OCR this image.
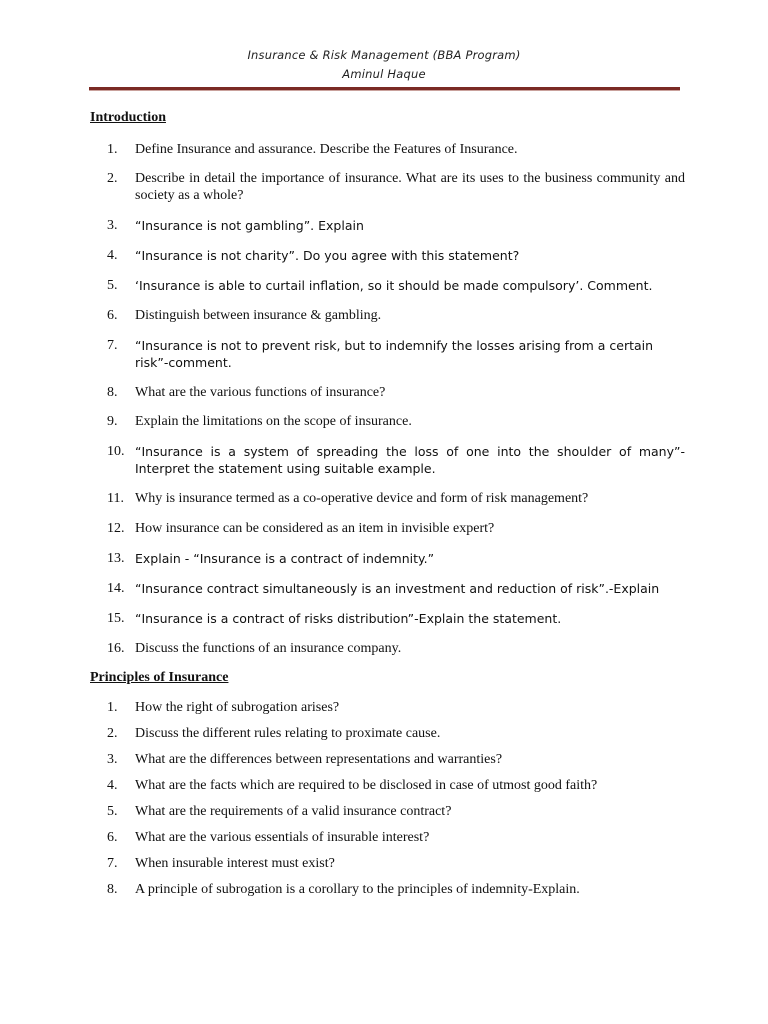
Insurance & Risk Management (BBA Program)
Aminul Haque
Introduction
1.	Define Insurance and assurance. Describe the Features of Insurance.
2.	Describe in detail the importance of insurance. What are its uses to the business community and society as a whole?
3.	“Insurance is not gambling”. Explain
4.	“Insurance is not charity”. Do you agree with this statement?
5.	‘Insurance is able to curtail inflation, so it should be made compulsory’. Comment.
6.	Distinguish between insurance & gambling.
7.	“Insurance is not to prevent risk, but to indemnify the losses arising from a certain risk”-comment.
8.	What are the various functions of insurance?
9.	Explain the limitations on the scope of insurance.
10. “Insurance is a system of spreading the loss of one into the shoulder of many”- Interpret the statement using suitable example.
11. Why is insurance termed as a co-operative device and form of risk management?
12. How insurance can be considered as an item in invisible expert?
13. Explain - “Insurance is a contract of indemnity.”
14. “Insurance contract simultaneously is an investment and reduction of risk”.-Explain
15. “Insurance is a contract of risks distribution”-Explain the statement.
16. Discuss the functions of an insurance company.
Principles of Insurance
1.	How the right of subrogation arises?
2.	Discuss the different rules relating to proximate cause.
3.	What are the differences between representations and warranties?
4.	What are the facts which are required to be disclosed in case of utmost good faith?
5.	What are the requirements of a valid insurance contract?
6.	What are the various essentials of insurable interest?
7.	When insurable interest must exist?
8.	A principle of subrogation is a corollary to the principles of indemnity-Explain.
